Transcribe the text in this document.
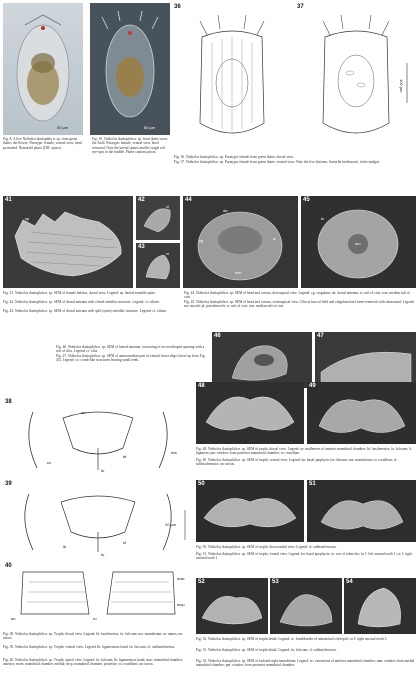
50 µm
Fig. 8. A live Notholca ikaitophila n. sp. from green ikaite; the flower; Paratypic female, ventral view, head protruded. Nomarski photo (DIC optics).
50 µm
Fig. 10. Notholca ikaitophila n. sp. from ikaite snow, the Atoll. Paratypic female, ventral view, head retracted. Note the lateral spines and the single red eye-spot in the middle. Phase contrast photo.
36	37
100 µm
Fig. 36. Notholca ikaitophila n. sp. Paratypic female from green ikaite, dorsal view.
Fig. 37. Notholca ikaitophila n. sp. Paratypic female from green ikaite, ventral view. Note the five diatoms, Surirella brebissonii, in the midgut.
41
sp
42
ci
43
ci
44
da
cg	tc
tcm
45
mo
tc
Fig. 41. Notholca ikaitophila n. sp. SEM of female habitus, dorsal view. Legend: sp: lateral sensible spine.
Fig. 42. Notholca ikaitophila n. sp. SEM of dorsal antenna with closed sensillar structure. Legend: ci: cilium.
Fig. 43. Notholca ikaitophila n. sp. SEM of dorsal antenna with split (open) sensillar structure. Legend: ci: cilium.
Fig. 44. Notholca ikaitophila n. sp. SEM of head and corona, dorsoapical view. Legend: cg: cingulum; da: dorsal antenna; tc: tuft of cirri; tcm: median tuft of cirri.
Fig. 45. Notholca ikaitophila n. sp. SEM of head and corona, ventroapical view. Cilia in buccal field and cingulum have been removed with ultrasound. Legend: mo: mouth; pl: pseudotrochi; tc: tuft of cirri; tcm: median tuft of cirri.
Fig. 46. Notholca ikaitophila n. sp. SEM of lateral antenna, consisting of an overshaped opening with a tuft of cilia. Legend: ci: cilia.
Fig. 47. Notholca ikaitophila n. sp. SEM of anteromedian part of ventral lorica edge (close-up from Fig. 45). Legend: co: comb-like structures bearing small teeth.
46	47
38
ma
ra
fu
un
bf
39
20 µm
lb
sf
fu
40
mac
mcp
ro
un
Fig. 38. Notholca ikaitophila n. sp. Trophi, dorsal view. Legend: bf: basifenestra; fu: fulcrum; ma: manubrium; ra: ramus; un: uncus.
Fig. 39. Notholca ikaitophila n. sp. Trophi, ventral view. Legend: lb: ligamentous band; fu: fulcrum; sf: subbasifenestra.
Fig. 40. Notholca ikaitophila n. sp. Trophi, apical view. Legend: fu: fulcrum; lb: ligamentous band; mac: manubrial chamber; anterior; mcm: manubrial chamber, medial; mcp: manubrial chamber, posterior; ro: rostellum; un: uncus.
48	49
Fig. 48. Notholca ikaitophila n. sp. SEM of trophi, dorsal view. Legend: ac: mallenetrs of anterior manubrial chamber; bf: basifenestra; fu: fulcrum; li: ligament; pm: window from posterior manubrial chamber; ro: rostellum.
Fig. 49. Notholca ikaitophila n. sp. SEM of trophi, ventral view. Legend: ba: basal apophysis for fulcrum; ma: manubrium; ro: rostellum; sf: subbasifenestra; un: uncus.
50	51
Fig. 50. Notholca ikaitophila n. sp. SEM of trophi, dorsocaudal view. Legend: sf: subbasifenestra.
Fig. 51. Notholca ikaitophila n. sp. SEM of trophi, frontal view. Legend: ba: basal apophysis; tu: row of tubercles; lu 1: left uncinal tooth 1; ru 1: right uncinal tooth 1.
52	53	54
Fig. 52. Notholca ikaitophila n. sp. SEM of trophi detail. Legend: sc: breakborder of subuncinal sclerepili; ru 5: right uncinal tooth 5.
Fig. 53. Notholca ikaitophila n. sp. SEM of trophi detail. Legend: fu: fulcrum; sf: subbasifenestra.
Fig. 54. Notholca ikaitophila n. sp. SEM of isolated right manubrium. Legend: ac: extensions of anterior manubrial chamber; mm: window from medial manubrial chamber; pm: window from posterior manubrial chamber.
